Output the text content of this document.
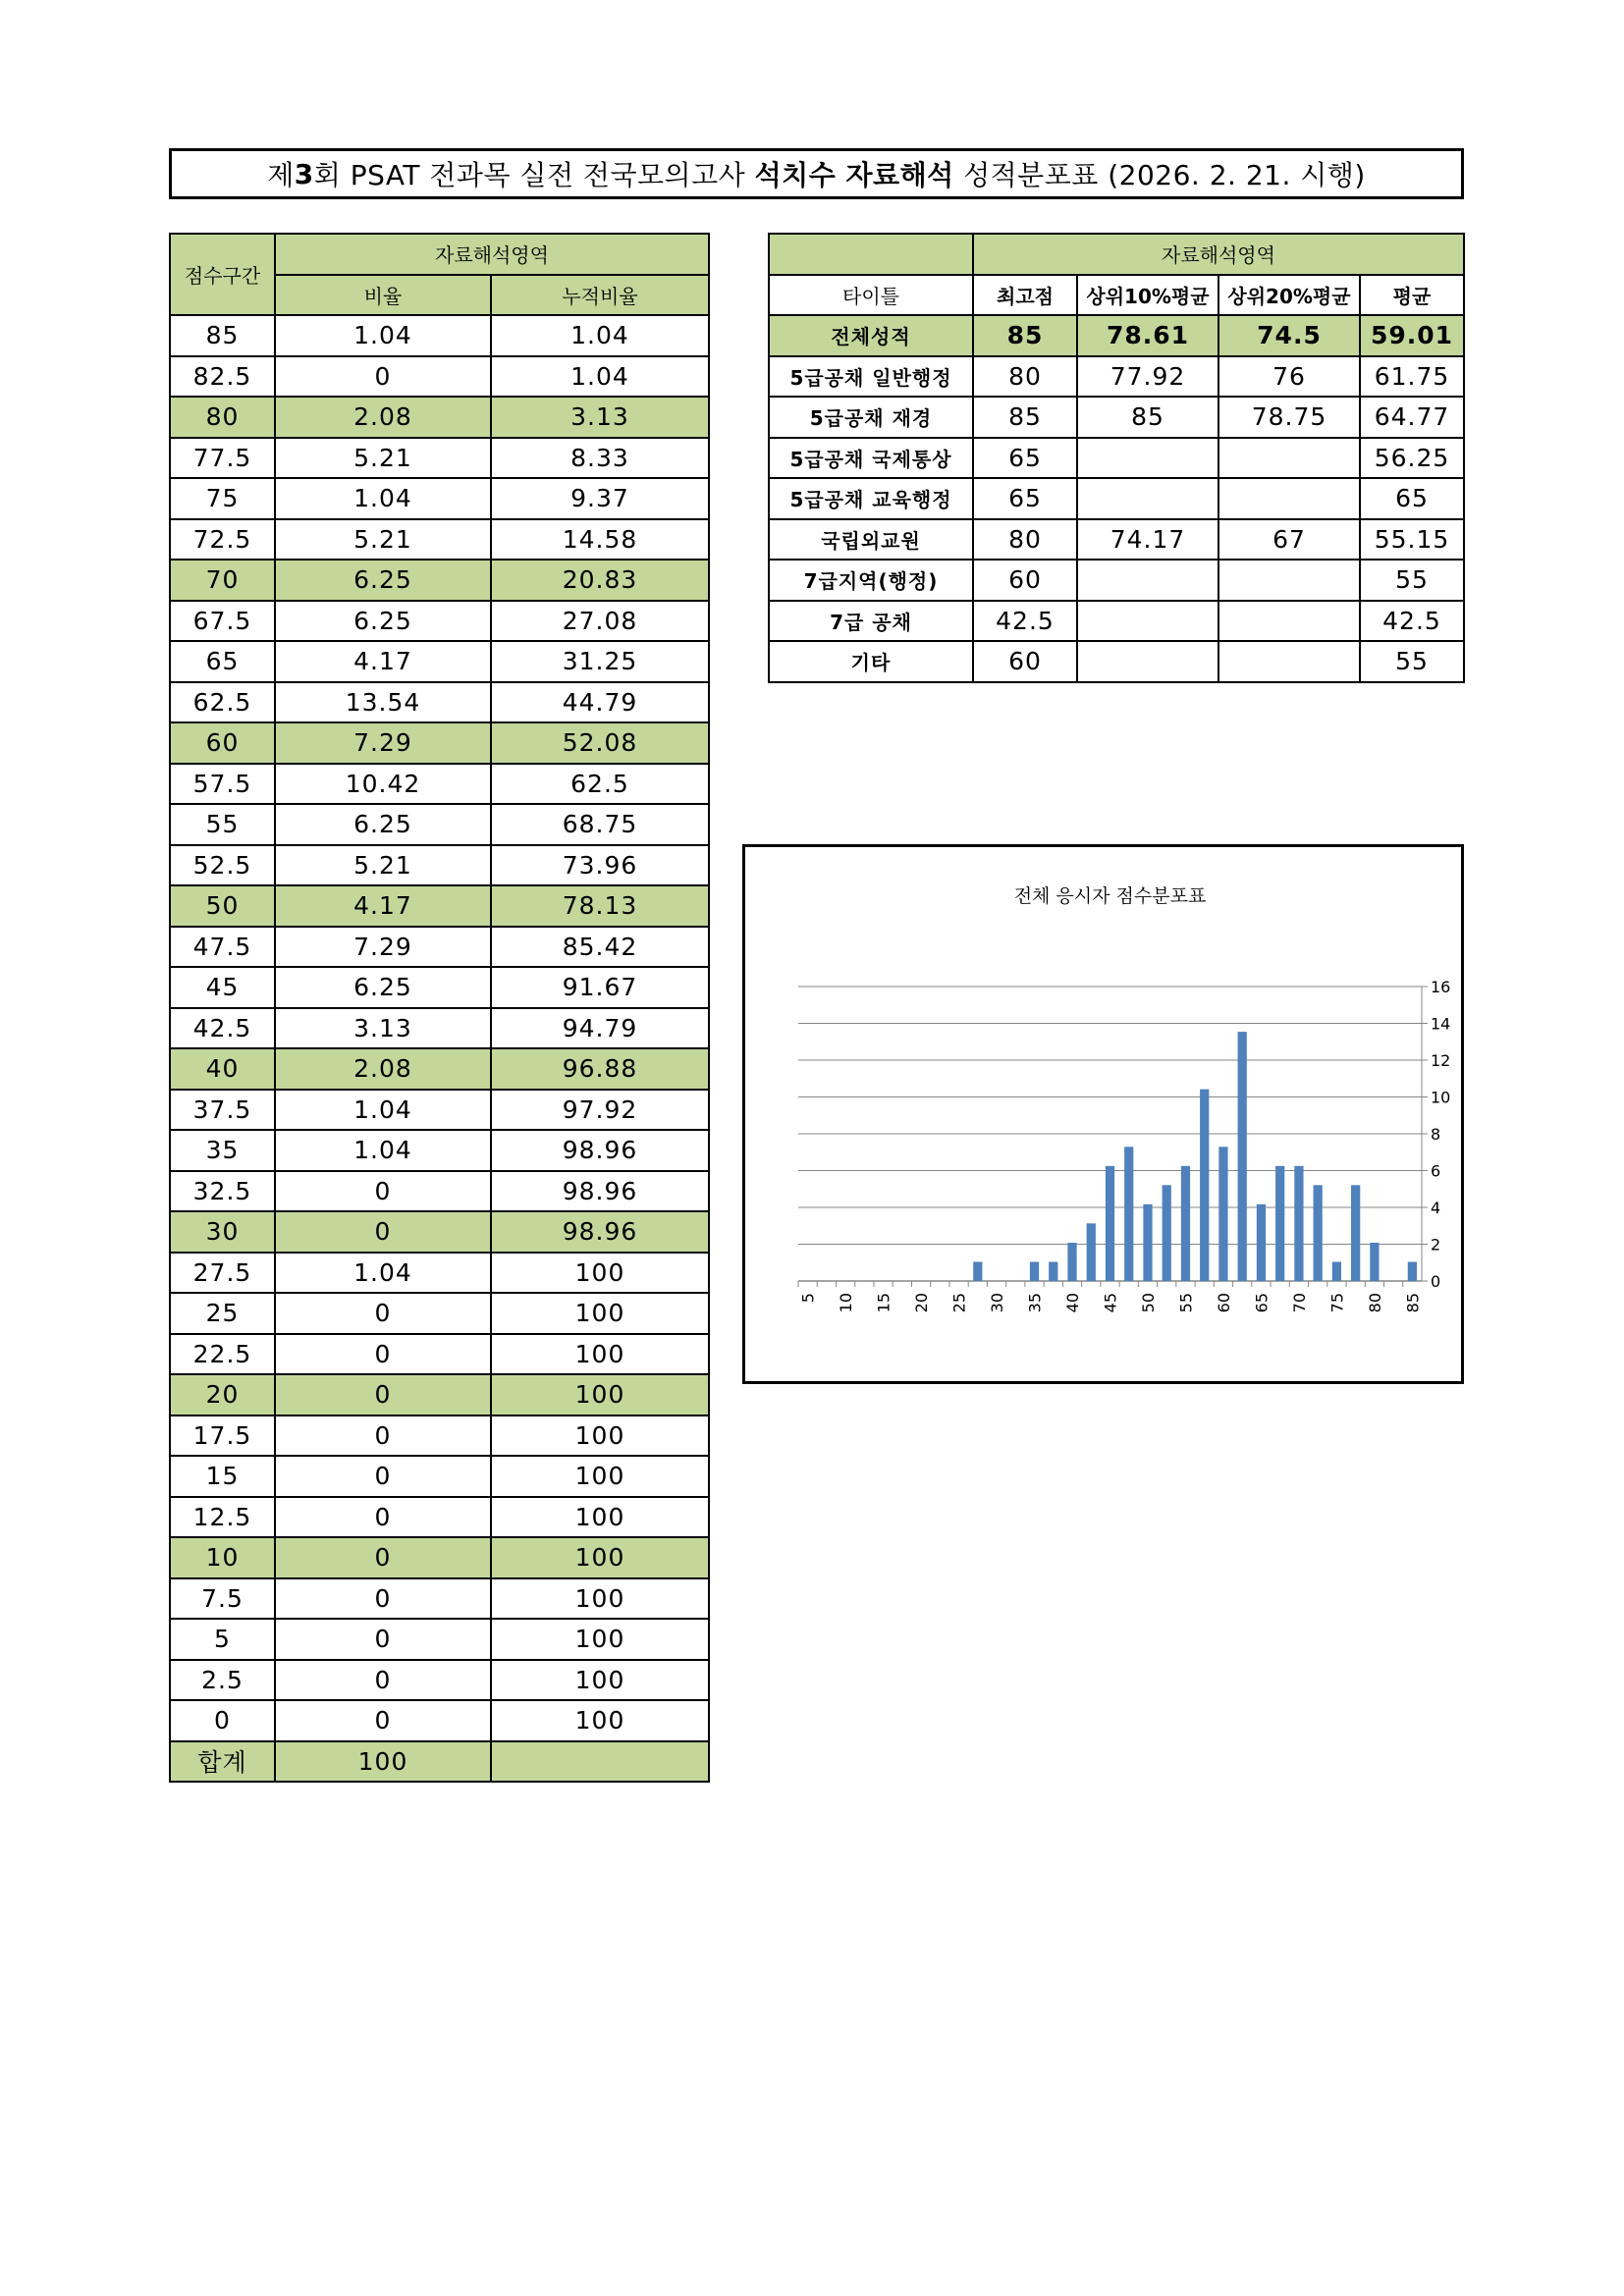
제 3 회 PSAT 전과목 실전 전국모의고사 석치수 자료해석 성적분포표 (2026. 2. 21. 시행)
점수구간	자료해석영역	
	비율	누적비율
85	1.04	1.04
82.5	0	1.04
80	2.08	3.13
77.5	5.21	8.33
75	1.04	9.37
72.5	5.21	14.58
70	6.25	20.83
67.5	6.25	27.08
65	4.17	31.25
62.5	13.54	44.79
60	7.29	52.08
57.5	10.42	62.5
55	6.25	68.75
52.5	5.21	73.96
50	4.17	78.13
47.5	7.29	85.42
45	6.25	91.67
42.5	3.13	94.79
40	2.08	96.88
37.5	1.04	97.92
35	1.04	98.96
32.5	0	98.96
30	0	98.96
27.5	1.04	100
25	0	100
22.5	0	100
20	0	100
17.5	0	100
15	0	100
12.5	0	100
10	0	100
7.5	0	100
5	0	100
2.5	0	100
0	0	100
합계	100	
	자료해석영역			
타이틀	최고점	상위10%평균	상위20%평균	평균
전체성적	85	78.61	74.5	59.01
5급공채 일반행정	80	77.92	76	61.75
5급공채 재경	85	85	78.75	64.77
5급공채 국제통상	65			56.25
5급공채 교육행정	65			65
국립외교원	80	74.17	67	55.15
7급지역(행정)	60			55
7급 공채	42.5			42.5
기타	60			55
전체 응시자 점수분포표
0
2
4
6
8
10
12
14
16
5 10 15 20 25 30 35 40 45 50 55 60 65 70 75 80 85
